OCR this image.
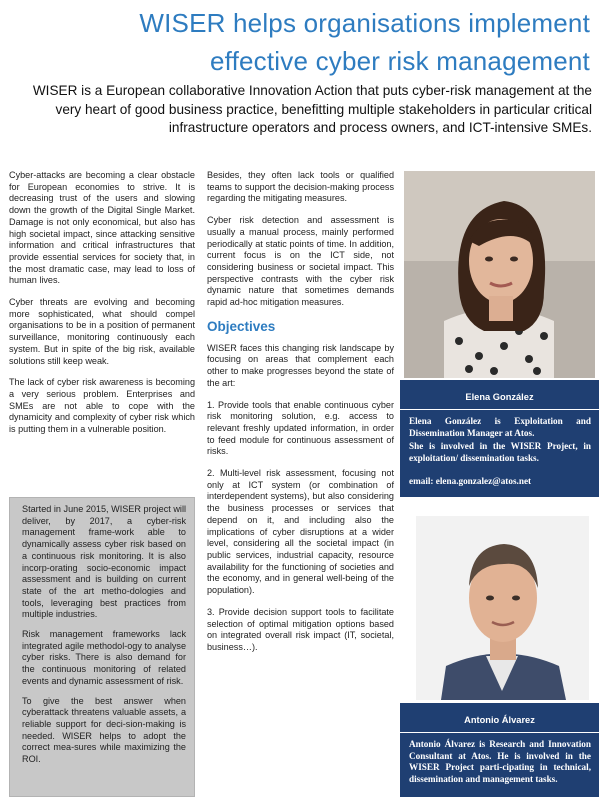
WISER helps organisations implement
effective cyber risk management
WISER is a European collaborative Innovation Action that puts cyber-risk management at the very heart of good business practice, benefitting multiple stakeholders in particular critical infrastructure operators and process owners, and ICT-intensive SMEs.

Cyber-attacks are becoming a clear obstacle for European economies to strive. It is decreasing trust of the users and slowing down the growth of the Digital Single Market. Damage is not only economical, but also has high societal impact, since attacking sensitive information and critical infrastructures that provide essential services for society that, in the most dramatic case, may lead to loss of human lives.

Cyber threats are evolving and becoming more sophisticated, what should compel organisations to be in a position of permanent surveillance, monitoring continuously each system. But in spite of the big risk, available solutions still keep weak.

The lack of cyber risk awareness is becoming a very serious problem. Enterprises and SMEs are not able to cope with the dynamicity and complexity of cyber risk which is putting them in a vulnerable position.

Started in June 2015, WISER project will deliver, by 2017, a cyber-risk management frame-work able to dynamically assess cyber risk based on a continuous risk monitoring. It is also incorp-orating socio-economic impact assessment and is building on current state of the art metho-dologies and tools, leveraging best practices from multiple industries.

Risk management frameworks lack integrated agile methodol-ogy to analyse cyber risks. There is also demand for the continuous monitoring of related events and dynamic assessment of risk.

To give the best answer when cyberattack threatens valuable assets, a reliable support for deci-sion-making is needed. WISER helps to adopt the correct mea-sures while maximizing the ROI.

Besides, they often lack tools or qualified teams to support the decision-making process regarding the mitigating measures.

Cyber risk detection and assessment is usually a manual process, mainly performed periodically at static points of time. In addition, current focus is on the ICT side, not considering business or societal impact. This perspective contrasts with the cyber risk dynamic nature that sometimes demands rapid ad-hoc mitigation measures.

Objectives

WISER faces this changing risk landscape by focusing on areas that complement each other to make progresses beyond the state of the art:

1. Provide tools that enable continuous cyber risk monitoring solution, e.g. access to relevant freshly updated information, in order to feed module for continuous assessment of risks.

2. Multi-level risk assessment, focusing not only at ICT system (or combination of interdependent systems), but also considering the business processes or services that depend on it, and including also the implications of cyber disruptions at a wider level, considering all the societal impact (in public services, industrial capacity, resource availability for the functioning of societies and the economy, and in general well-being of the population).

3. Provide decision support tools to facilitate selection of optimal mitigation options based on integrated overall risk impact (IT, societal, business…).

Elena González

Elena González is Exploitation and Dissemination Manager at Atos.

She is involved in the WISER Project, in exploitation/ dissemination tasks.

email: elena.gonzalez@atos.net
Antonio Álvarez
Antonio Álvarez is Research and Innovation Consultant at Atos. He is involved in the WISER Project parti-cipating in technical, dissemination and management tasks.
